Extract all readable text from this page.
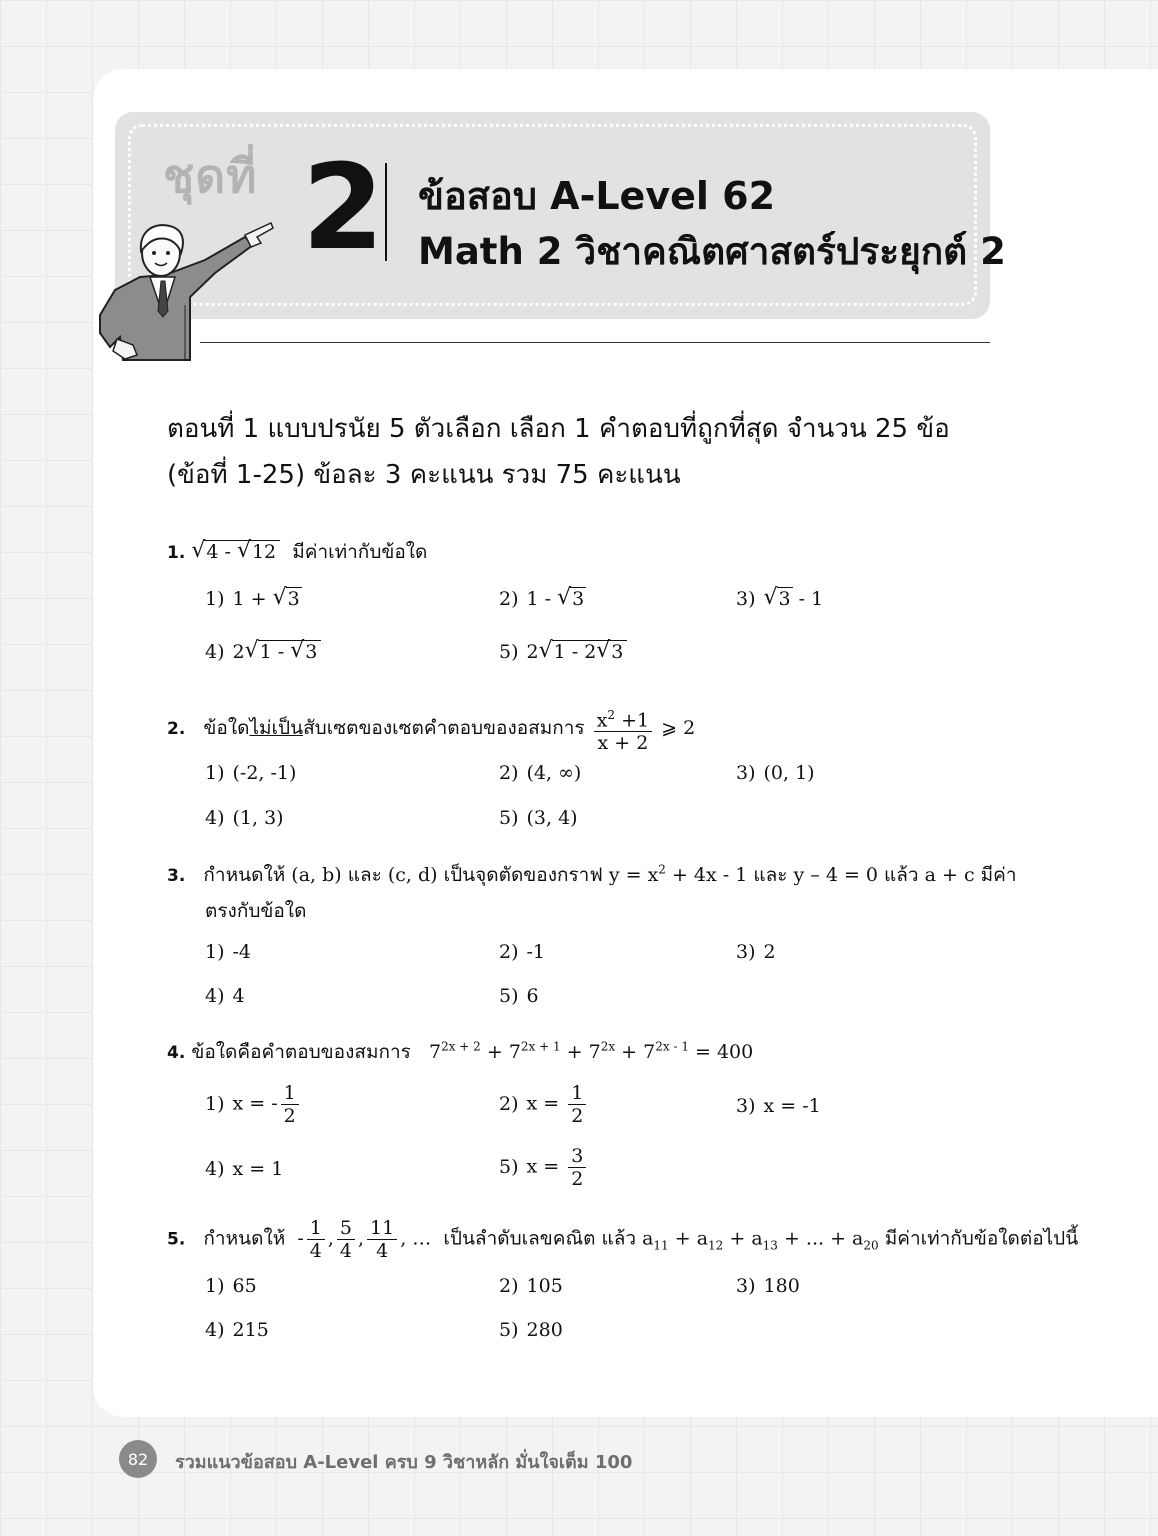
ชุดที่ 2 ข้อสอบ A-Level 62
Math 2 วิชาคณิตศาสตร์ประยุกต์ 2
ตอนที่ 1 แบบปรนัย 5 ตัวเลือก เลือก 1 คำตอบที่ถูกที่สุด จำนวน 25 ข้อ
(ข้อที่ 1-25) ข้อละ 3 คะแนน รวม 75 คะแนน
1. √ 4 - √ 12 มีค่าเท่ากับข้อใด
1) 1 + √ 3	2) 1 - √ 3	3) √ 3 - 1
4) 2 √ 1 - √ 3	5) 2 √ 1 - 2 √ 3
2. ข้อใดไม่เป็นสับเซตของเซตคำตอบของอสมการ $\frac{x^2 +1}{x + 2}$ ⩾ 2
1) (-2, -1)	2) (4, ∞)	3) (0, 1)
4) (1, 3)	5) (3, 4)
3. กำหนดให้ (a, b) และ (c, d) เป็นจุดตัดของกราฟ $y = x^2 + 4x - 1$ และ y – 4 = 0 แล้ว a + c มีค่า
ตรงกับข้อใด
1) -4	2) -1	3) 2
4) 4	5) 6
4. ข้อใดคือคำตอบของสมการ $7^{2x + 2} + 7^{2x + 1} + 7^{2x} + 7^{2x - 1} = 400$
1) x = - $\frac{1}{2}$	2) $x = \frac{1}{2}$	3) x = -1
4) x = 1	5) $x = \frac{3}{2}$
5. กำหนดให้  - $\frac{1}{4}$ , $\frac{5}{4}$ , $\frac{11}{4}$ , …  เป็นลำดับเลขคณิต แล้ว $a_{11} + a_{12} + a_{13}$ + ... + $a_{20}$ มีค่าเท่ากับข้อใดต่อไปนี้
1) 65	2) 105	3) 180
4) 215	5) 280
82	รวมแนวข้อสอบ A-Level ครบ 9 วิชาหลัก มั่นใจเต็ม 100
